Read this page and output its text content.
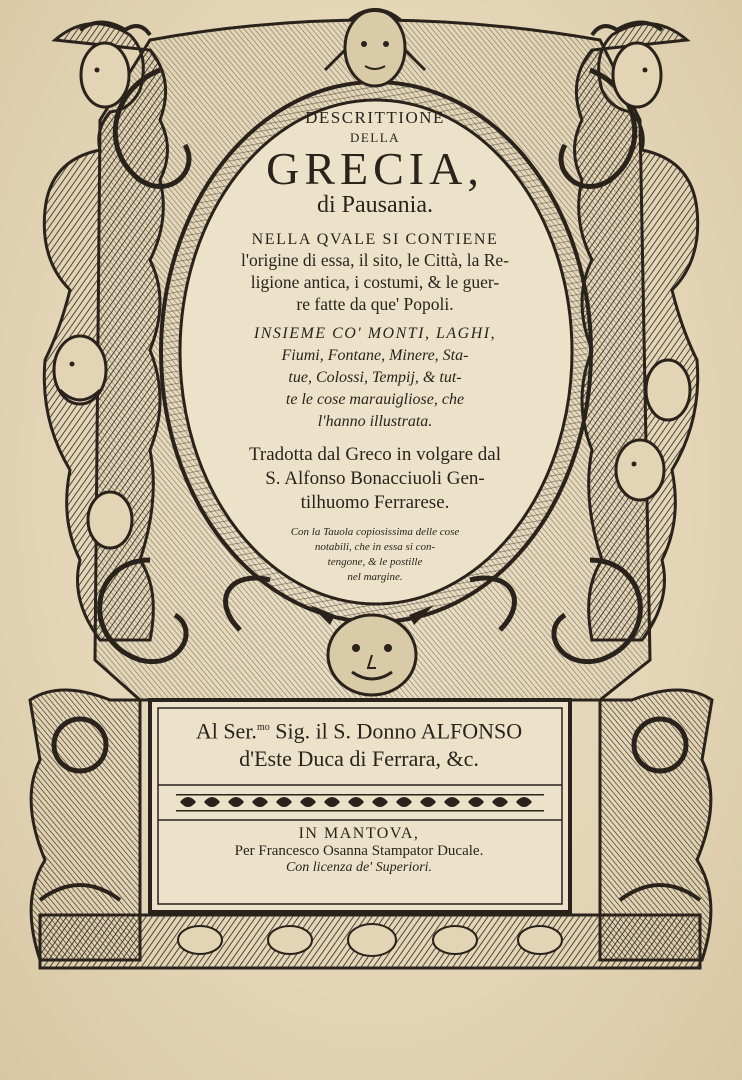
DESCRITTIONE
DELLA
GRECIA,
di Pausania.
NELLA QVALE SI CONTIENE
l'origine di essa, il sito, le Città, la Re-
ligione antica, i costumi, & le guer-
re fatte da que' Popoli.
INSIEME CO' MONTI, LAGHI,
Fiumi, Fontane, Minere, Sta-
tue, Colossi, Tempij, & tut-
te le cose marauigliose, che
l'hanno illustrata.
Tradotta dal Greco in volgare dal
S. Alfonso Bonacciuoli Gen-
tilhuomo Ferrarese.
Con la Tauola copiosissima delle cose
notabili, che in essa si con-
tengone, & le postille
nel margine.
Al Ser.$^{mo}$ Sig. il S. Donno ALFONSO
d'Este Duca di Ferrara, &c.
IN MANTOVA,
Per Francesco Osanna Stampator Ducale.
Con licenza de' Superiori.
